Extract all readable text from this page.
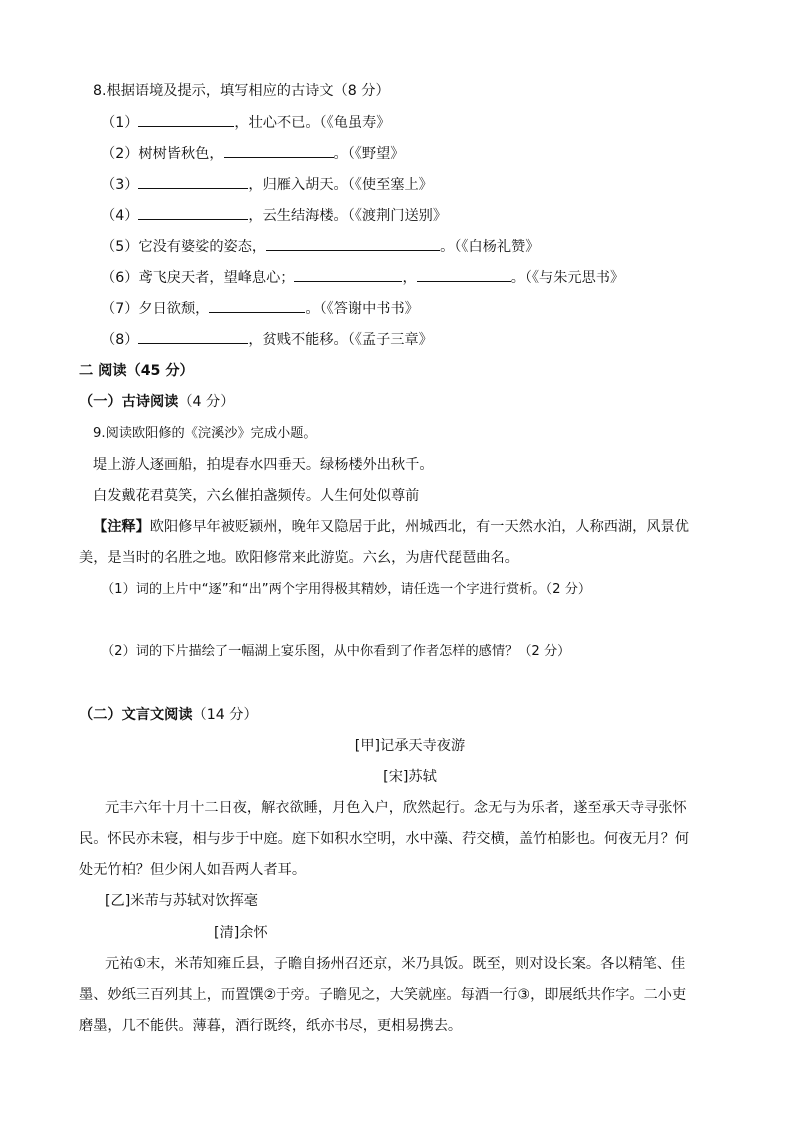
8.根据语境及提示，填写相应的古诗文（8 分）
（1）	，壮心不已。（《龟虽寿》
（2）树树皆秋色，	。（《野望》
（3）	，归雁入胡天。（《使至塞上》
（4）	，云生结海楼。（《渡荆门送别》
（5）它没有婆娑的姿态，	。（《白杨礼赞》
（6）鸢飞戾天者，望峰息心；	，	。（《与朱元思书》
（7）夕日欲颓，	。（《答谢中书书》
（8）	，贫贱不能移。（《孟子三章》
二 阅读（45 分）
（一）古诗阅读（4 分）
9.阅读欧阳修的《浣溪沙》完成小题。
堤上游人逐画船，拍堤春水四垂天。绿杨楼外出秋千。
白发戴花君莫笑，六幺催拍盏频传。人生何处似尊前
【注释】欧阳修早年被贬颍州，晚年又隐居于此，州城西北，有一天然水泊，人称西湖，风景优
美，是当时的名胜之地。欧阳修常来此游览。六幺，为唐代琵琶曲名。
（1）词的上片中“逐”和“出”两个字用得极其精妙，请任选一个字进行赏析。（2 分）
（2）词的下片描绘了一幅湖上宴乐图，从中你看到了作者怎样的感情？（2 分）
（二）文言文阅读（14 分）
[甲]记承天寺夜游
[宋]苏轼
元丰六年十月十二日夜，解衣欲睡，月色入户，欣然起行。念无与为乐者，遂至承天寺寻张怀
民。怀民亦未寝，相与步于中庭。庭下如积水空明，水中藻、荇交横，盖竹柏影也。何夜无月？何
处无竹柏？但少闲人如吾两人者耳。
[乙]米芾与苏轼对饮挥毫
[清]余怀
元祐①末，米芾知雍丘县，子瞻自扬州召还京，米乃具饭。既至，则对设长案。各以精笔、佳
墨、妙纸三百列其上，而置馔②于旁。子瞻见之，大笑就座。每酒一行③，即展纸共作字。二小吏
磨墨，几不能供。薄暮，酒行既终，纸亦书尽，更相易携去。
